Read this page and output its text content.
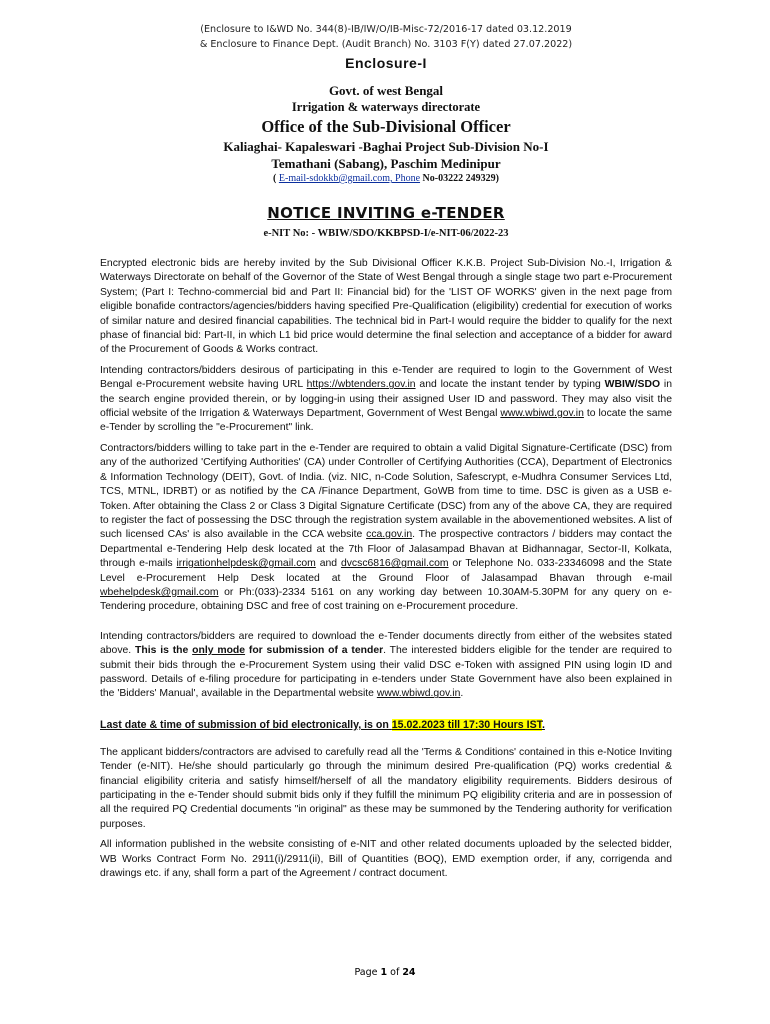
(Enclosure to I&WD No. 344(8)-IB/IW/O/IB-Misc-72/2016-17 dated 03.12.2019
& Enclosure to Finance Dept. (Audit Branch) No. 3103 F(Y) dated 27.07.2022)
Enclosure-I
Govt. of west Bengal
Irrigation & waterways directorate
Office of the Sub-Divisional Officer
Kaliaghai- Kapaleswari -Baghai Project Sub-Division No-I
Temathani (Sabang), Paschim Medinipur
( E-mail-sdokkb@gmail.com, Phone No-03222 249329)
NOTICE INVITING e-TENDER
e-NIT No: - WBIW/SDO/KKBPSD-I/e-NIT-06/2022-23

Encrypted electronic bids are hereby invited by the Sub Divisional Officer K.K.B. Project Sub-Division No.-I, Irrigation & Waterways Directorate on behalf of the Governor of the State of West Bengal through a single stage two part e-Procurement System; (Part I: Techno-commercial bid and Part II: Financial bid) for the 'LIST OF WORKS' given in the next page from eligible bonafide contractors/agencies/bidders having specified Pre-Qualification (eligibility) credential for execution of works of similar nature and desired financial capabilities. The technical bid in Part-I would require the bidder to qualify for the next phase of financial bid: Part-II, in which L1 bid price would determine the final selection and acceptance of a bidder for award of the Procurement of Goods & Works contract.

Intending contractors/bidders desirous of participating in this e-Tender are required to login to the Government of West Bengal e-Procurement website having URL https://wbtenders.gov.in and locate the instant tender by typing WBIW/SDO in the search engine provided therein, or by logging-in using their assigned User ID and password. They may also visit the official website of the Irrigation & Waterways Department, Government of West Bengal www.wbiwd.gov.in to locate the same e-Tender by scrolling the "e-Procurement" link.

Contractors/bidders willing to take part in the e-Tender are required to obtain a valid Digital Signature-Certificate (DSC) from any of the authorized 'Certifying Authorities' (CA) under Controller of Certifying Authorities (CCA), Department of Electronics & Information Technology (DEIT), Govt. of India. (viz. NIC, n-Code Solution, Safescrypt, e-Mudhra Consumer Services Ltd, TCS, MTNL, IDRBT) or as notified by the CA /Finance Department, GoWB from time to time. DSC is given as a USB e-Token. After obtaining the Class 2 or Class 3 Digital Signature Certificate (DSC) from any of the above CA, they are required to register the fact of possessing the DSC through the registration system available in the abovementioned websites. A list of such licensed CAs' is also available in the CCA website cca.gov.in. The prospective contractors / bidders may contact the Departmental e-Tendering Help desk located at the 7th Floor of Jalasampad Bhavan at Bidhannagar, Sector-II, Kolkata, through e-mails irrigationhelpdesk@gmail.com and dvcsc6816@gmail.com or Telephone No. 033-23346098 and the State Level e-Procurement Help Desk located at the Ground Floor of Jalasampad Bhavan through e-mail wbehelpdesk@gmail.com or Ph:(033)-2334 5161 on any working day between 10.30AM-5.30PM for any query on e-Tendering procedure, obtaining DSC and free of cost training on e-Procurement procedure.

Intending contractors/bidders are required to download the e-Tender documents directly from either of the websites stated above. This is the only mode for submission of a tender. The interested bidders eligible for the tender are required to submit their bids through the e-Procurement System using their valid DSC e-Token with assigned PIN using login ID and password. Details of e-filing procedure for participating in e-tenders under State Government have also been explained in the 'Bidders' Manual', available in the Departmental website www.wbiwd.gov.in.

Last date & time of submission of bid electronically, is on 15.02.2023 till 17:30 Hours IST.

The applicant bidders/contractors are advised to carefully read all the 'Terms & Conditions' contained in this e-Notice Inviting Tender (e-NIT). He/she should particularly go through the minimum desired Pre-qualification (PQ) works credential & financial eligibility criteria and satisfy himself/herself of all the mandatory eligibility requirements. Bidders desirous of participating in the e-Tender should submit bids only if they fulfill the minimum PQ eligibility criteria and are in possession of all the required PQ Credential documents "in original" as these may be summoned by the Tendering authority for verification purposes.

All information published in the website consisting of e-NIT and other related documents uploaded by the selected bidder, WB Works Contract Form No. 2911(i)/2911(ii), Bill of Quantities (BOQ), EMD exemption order, if any, corrigenda and drawings etc. if any, shall form a part of the Agreement / contract document.

Page 1 of 24
